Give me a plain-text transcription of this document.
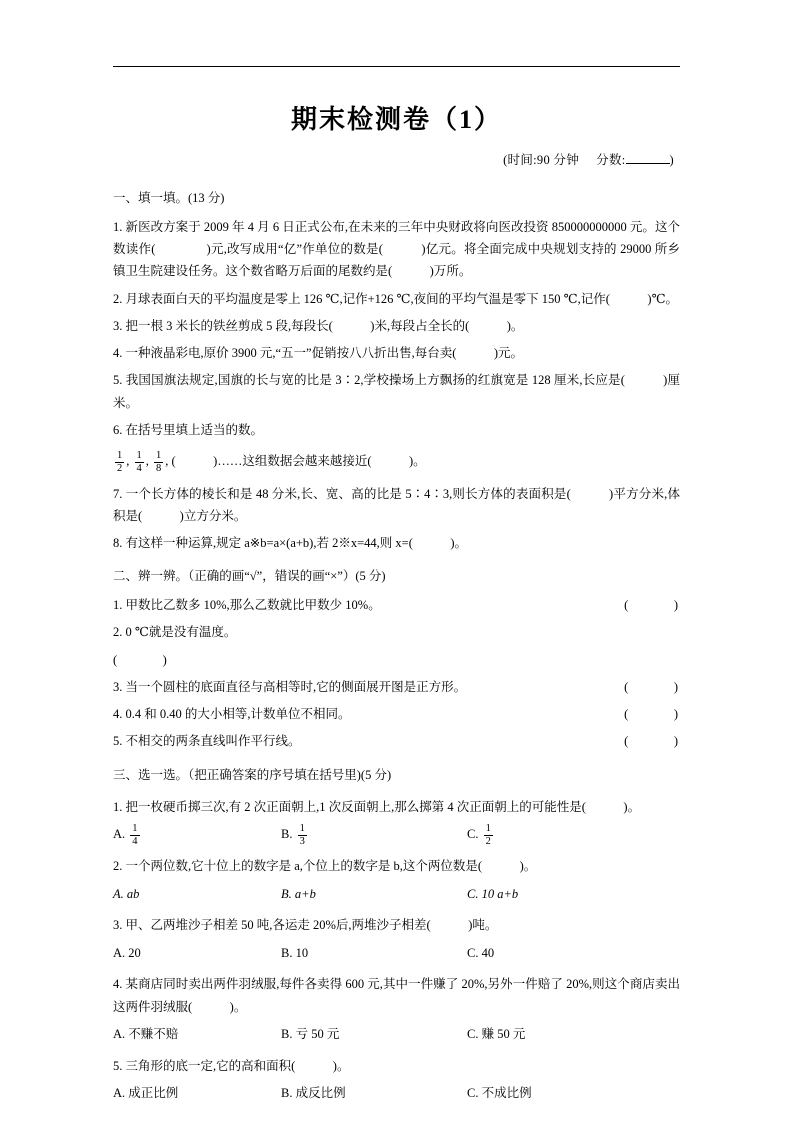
期末检测卷（1）
(时间:90 分钟 分数:	)
一、填一填。(13 分)

1. 新医改方案于 2009 年 4 月 6 日正式公布,在未来的三年中央财政将向医改投资 850000000000 元。这个数读作(　　　　)元,改写成用“亿”作单位的数是(　　　)亿元。将全面完成中央规划支持的 29000 所乡镇卫生院建设任务。这个数省略万后面的尾数约是(　　　)万所。

2. 月球表面白天的平均温度是零上 126 ℃,记作+126 ℃,夜间的平均气温是零下 150 ℃,记作(　　　)℃。

3. 把一根 3 米长的铁丝剪成 5 段,每段长(　　　)米,每段占全长的(　　　)。

4. 一种液晶彩电,原价 3900 元,“五一”促销按八八折出售,每台卖(　　　)元。

5. 我国国旗法规定,国旗的长与宽的比是 3∶2,学校操场上方飘扬的红旗宽是 128 厘米,长应是(　　　)厘米。

6. 在括号里填上适当的数。

$\frac{1}{2}$ , $\frac{1}{4}$ , $\frac{1}{8}$ , (　　　)……这组数据会越来越接近(　　　)。

7. 一个长方体的棱长和是 48 分米,长、宽、高的比是 5∶4∶3,则长方体的表面积是(　　　)平方分米,体积是(　　　)立方分米。

8. 有这样一种运算,规定 a※b=a×(a+b),若 2※x=44,则 x=(　　　)。

二、辨一辨。（正确的画“√”，错误的画“×”）(5 分)
1. 甲数比乙数多 10%,那么乙数就比甲数少 10%。	(　　　)
2. 0 ℃就是没有温度。
(　　　)
3. 当一个圆柱的底面直径与高相等时,它的侧面展开图是正方形。	(　　　)
4. 0.4 和 0.40 的大小相等,计数单位不相同。	(　　　)
5. 不相交的两条直线叫作平行线。	(　　　)
三、选一选。（把正确答案的序号填在括号里)(5 分)

1. 把一枚硬币掷三次,有 2 次正面朝上,1 次反面朝上,那么掷第 4 次正面朝上的可能性是(　　　)。

A. $\frac{1}{4}$	B. $\frac{1}{3}$	C. $\frac{1}{2}$

2. 一个两位数,它十位上的数字是 a,个位上的数字是 b,这个两位数是(　　　)。

A. ab	B. a+b	C. 10 a+b

3. 甲、乙两堆沙子相差 50 吨,各运走 20%后,两堆沙子相差(　　　)吨。

A. 20	B. 10	C. 40

4. 某商店同时卖出两件羽绒服,每件各卖得 600 元,其中一件赚了 20%,另外一件赔了 20%,则这个商店卖出这两件羽绒服(　　　)。

A. 不赚不赔	B. 亏 50 元	C. 赚 50 元

5. 三角形的底一定,它的高和面积(　　　)。

A. 成正比例	B. 成反比例	C. 不成比例
